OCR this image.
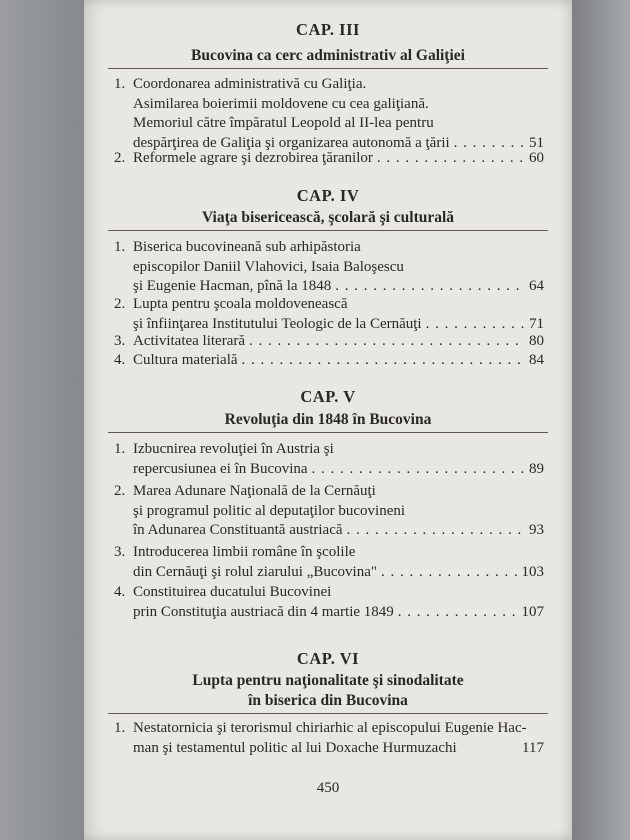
CAP. III
Bucovina ca cerc administrativ al Galiţiei
1. Coordonarea administrativă cu Galiţia.
Asimilarea boierimii moldovene cu cea galiţiană.
Memoriul către împăratul Leopold al II-lea pentru
despărţirea de Galiţia şi organizarea autonomă a ţării . . .	51
2. Reformele agrare şi dezrobirea ţăranilor . . .	60
CAP. IV
Viaţa bisericească, şcolară şi culturală
1. Biserica bucovineană sub arhipăstoria
episcopilor Daniil Vlahovici, Isaia Baloşescu
şi Eugenie Hacman, pînă la 1848 . . .	64
2. Lupta pentru şcoala moldovenească
şi înfiinţarea Institutului Teologic de la Cernăuţi . . .	71
3. Activitatea literară . . .	80
4. Cultura materială . . .	84
CAP. V
Revoluţia din 1848 în Bucovina
1. Izbucnirea revoluţiei în Austria şi
repercusiunea ei în Bucovina . . .	89
2. Marea Adunare Naţională de la Cernăuţi
şi programul politic al deputaţilor bucovineni
în Adunarea Constituantă austriacă . . .	93
3. Introducerea limbii române în şcolile
din Cernăuţi şi rolul ziarului „Bucovina" . . .	103
4. Constituirea ducatului Bucovinei
prin Constituţia austriacă din 4 martie 1849 . . .	107
CAP. VI
Lupta pentru naţionalitate şi sinodalitate
în biserica din Bucovina
1. Nestatornicia şi terorismul chiriarhic al episcopului Eugenie Hac-
man şi testamentul politic al lui Doxache Hurmuzachi	117
450
